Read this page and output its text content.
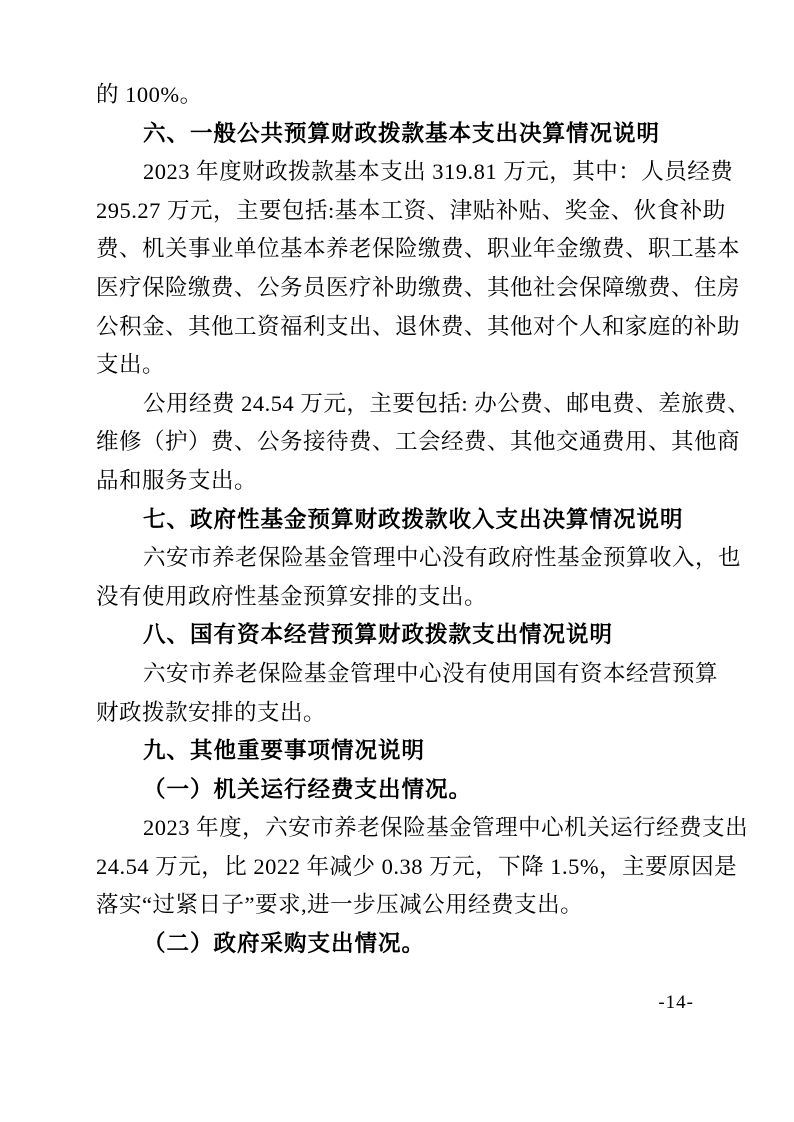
的 100%。
六、一般公共预算财政拨款基本支出决算情况说明
2023 年度财政拨款基本支出 319.81 万元，其中：人员经费
295.27 万元，主要包括:基本工资、津贴补贴、奖金、伙食补助
费、机关事业单位基本养老保险缴费、职业年金缴费、职工基本
医疗保险缴费、公务员医疗补助缴费、其他社会保障缴费、住房
公积金、其他工资福利支出、退休费、其他对个人和家庭的补助
支出。
公用经费 24.54 万元，主要包括: 办公费、邮电费、差旅费、
维修（护）费、公务接待费、工会经费、其他交通费用、其他商
品和服务支出。
七、政府性基金预算财政拨款收入支出决算情况说明
六安市养老保险基金管理中心没有政府性基金预算收入，也
没有使用政府性基金预算安排的支出。
八、国有资本经营预算财政拨款支出情况说明
六安市养老保险基金管理中心没有使用国有资本经营预算
财政拨款安排的支出。
九、其他重要事项情况说明
（一）机关运行经费支出情况。
2023 年度，六安市养老保险基金管理中心机关运行经费支出
24.54 万元，比 2022 年减少 0.38 万元，下降 1.5%，主要原因是
落实“过紧日子”要求,进一步压减公用经费支出。
（二）政府采购支出情况。
-14-
